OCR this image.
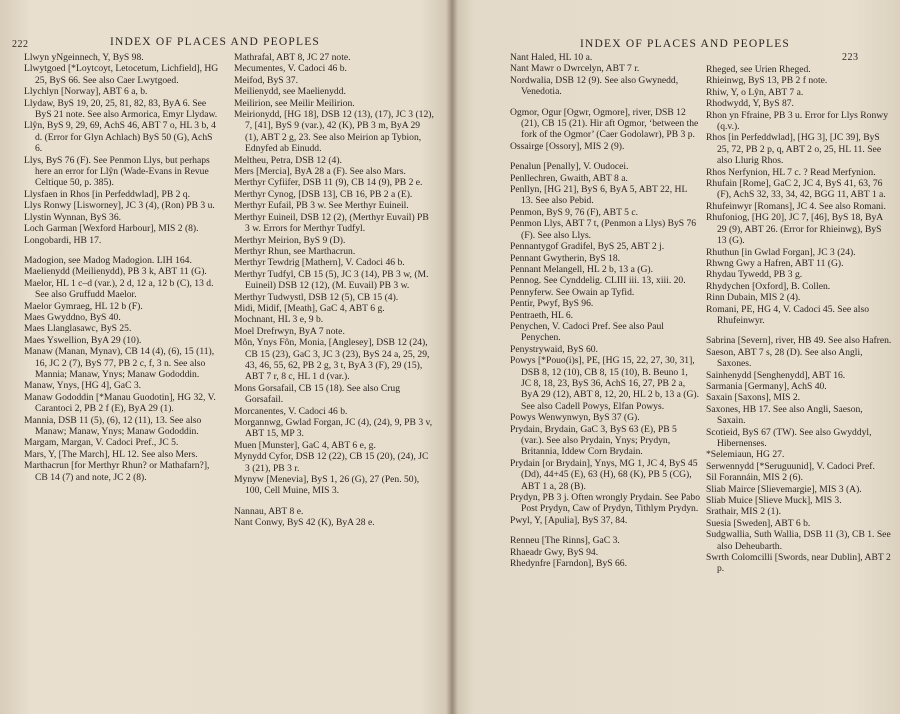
222	INDEX OF PLACES AND PEOPLES

Llwyn yNgeinnech, Y, ByS 98.

Llwytgoed [*Loytcoyt, Letocetum, Lichfield], HG 25, ByS 66. See also Caer Lwytgoed.

Llychlyn [Norway], ABT 6 a, b.

Llydaw, ByS 19, 20, 25, 81, 82, 83, ByA 6. See ByS 21 note. See also Armorica, Emyr Llydaw.

Llŷn, ByS 9, 29, 69, AchS 46, ABT 7 o, HL 3 b, 4 d. (Error for Glyn Achlach) ByS 50 (G), AchS 6.

Llys, ByS 76 (F). See Penmon Llys, but perhaps here an error for Llŷn (Wade-Evans in Revue Celtique 50, p. 385).

Llysfaen in Rhos [in Perfeddwlad], PB 2 q.

Llys Ronwy [Lisworney], JC 3 (4), (Ron) PB 3 u.

Llystin Wynnan, ByS 36.

Loch Garman [Wexford Harbour], MIS 2 (8).

Longobardi, HB 17.

Madogion, see Madog Madogion. LIH 164.

Maelienydd (Meilienydd), PB 3 k, ABT 11 (G).

Maelor, HL 1 c–d (var.), 2 d, 12 a, 12 b (C), 13 d. See also Gruffudd Maelor.

Maelor Gymraeg, HL 12 b (F).

Maes Gwyddno, ByS 40.

Maes Llanglasawc, ByS 25.

Maes Yswellion, ByA 29 (10).

Manaw (Manan, Mynav), CB 14 (4), (6), 15 (11), 16, JC 2 (7), ByS 77, PB 2 c, f, 3 n. See also Mannia; Manaw, Ynys; Manaw Gododdin.

Manaw, Ynys, [HG 4], GaC 3.

Manaw Gododdin [*Manau Guodotin], HG 32, V. Carantoci 2, PB 2 f (E), ByA 29 (1).

Mannia, DSB 11 (5), (6), 12 (11), 13. See also Manaw; Manaw, Ynys; Manaw Gododdin.

Margam, Margan, V. Cadoci Pref., JC 5.

Mars, Y, [The March], HL 12. See also Mers.

Marthacrun [for Merthyr Rhun? or Mathafarn?], CB 14 (7) and note, JC 2 (8).

Mathrafal, ABT 8, JC 27 note.

Mecumentes, V. Cadoci 46 b.

Meifod, ByS 37.

Meilienydd, see Maelienydd.

Meilirion, see Meilir Meilirion.

Meirionydd, [HG 18], DSB 12 (13), (17), JC 3 (12), 7, [41], ByS 9 (var.), 42 (K), PB 3 m, ByA 29 (1), ABT 2 g, 23. See also Meirion ap Tybion, Ednyfed ab Einudd.

Meltheu, Petra, DSB 12 (4).

Mers [Mercia], ByA 28 a (F). See also Mars.

Merthyr Cyfiifer, DSB 11 (9), CB 14 (9), PB 2 e.

Merthyr Cynog, [DSB 13], CB 16, PB 2 a (E).

Merthyr Eufail, PB 3 w. See Merthyr Euineil.

Merthyr Euineil, DSB 12 (2), (Merthyr Euvail) PB 3 w. Errors for Merthyr Tudfyl.

Merthyr Meirion, ByS 9 (D).

Merthyr Rhun, see Marthacrun.

Merthyr Tewdrig [Mathern], V. Cadoci 46 b.

Merthyr Tudfyl, CB 15 (5), JC 3 (14), PB 3 w, (M. Euineil) DSB 12 (12), (M. Euvail) PB 3 w.

Merthyr Tudwystl, DSB 12 (5), CB 15 (4).

Midi, Midif, [Meath], GaC 4, ABT 6 g.

Mochnant, HL 3 e, 9 b.

Moel Drefrwyn, ByA 7 note.

Môn, Ynys Fôn, Monia, [Anglesey], DSB 12 (24), CB 15 (23), GaC 3, JC 3 (23), ByS 24 a, 25, 29, 43, 46, 55, 62, PB 2 g, 3 t, ByA 3 (F), 29 (15), ABT 7 r, 8 c, HL 1 d (var.).

Mons Gorsafail, CB 15 (18). See also Crug Gorsafail.

Morcanentes, V. Cadoci 46 b.

Morgannwg, Gwlad Forgan, JC (4), (24), 9, PB 3 v, ABT 15, MP 3.

Muen [Munster], GaC 4, ABT 6 e, g.

Mynydd Cyfor, DSB 12 (22), CB 15 (20), (24), JC 3 (21), PB 3 r.

Mynyw [Menevia], ByS 1, 26 (G), 27 (Pen. 50), 100, Cell Muine, MIS 3.

Nannau, ABT 8 e.

Nant Conwy, ByS 42 (K), ByA 28 e.

INDEX OF PLACES AND PEOPLES
223

Nant Haled, HL 10 a.

Nant Mawr o Dwrcelyn, ABT 7 r.

Nordwalia, DSB 12 (9). See also Gwynedd, Venedotia.

Ogmor, Ogur [Ogwr, Ogmore], river, DSB 12 (21), CB 15 (21). Hir aft Ogmor, ‘between the fork of the Ogmor’ (Caer Godolawr), PB 3 p.

Ossairge [Ossory], MIS 2 (9).

Penalun [Penally], V. Oudocei.

Penllechren, Gwaith, ABT 8 a.

Penllyn, [HG 21], ByS 6, ByA 5, ABT 22, HL 13. See also Pebid.

Penmon, ByS 9, 76 (F), ABT 5 c.

Penmon Llys, ABT 7 t, (Penmon a Llys) ByS 76 (F). See also Llys.

Pennantygof Gradifel, ByS 25, ABT 2 j.

Pennant Gwytherin, ByS 18.

Pennant Melangell, HL 2 b, 13 a (G).

Pennog. See Cynddelig. CLIII iii. 13, xiii. 20.

Pennyferw. See Owain ap Tyfid.

Pentir, Pwyf, ByS 96.

Pentraeth, HL 6.

Penychen, V. Cadoci Pref. See also Paul Penychen.

Penystrywaid, ByS 60.

Powys [*Pouo(i)s], PE, [HG 15, 22, 27, 30, 31], DSB 8, 12 (10), CB 8, 15 (10), B. Beuno 1, JC 8, 18, 23, ByS 36, AchS 16, 27, PB 2 a, ByA 29 (12), ABT 8, 12, 20, HL 2 b, 13 a (G). See also Cadell Powys, Elfan Powys.

Powys Wenwynwyn, ByS 37 (G).

Prydain, Brydain, GaC 3, ByS 63 (E), PB 5 (var.). See also Prydain, Ynys; Prydyn, Britannia, Iddew Corn Brydain.

Prydain [or Brydain], Ynys, MG 1, JC 4, ByS 45 (Dd), 44+45 (E), 63 (H), 68 (K), PB 5 (CG), ABT 1 a, 28 (B).

Prydyn, PB 3 j. Often wrongly Prydain. See Pabo Post Prydyn, Caw of Prydyn, Tithlym Prydyn.

Pwyl, Y, [Apulia], ByS 37, 84.

Renneu [The Rinns], GaC 3.

Rhaeadr Gwy, ByS 94.

Rhedynfre [Farndon], ByS 66.

Rheged, see Urien Rheged.

Rhieinwg, ByS 13, PB 2 f note.

Rhiw, Y, o Lŷn, ABT 7 a.

Rhodwydd, Y, ByS 87.

Rhon yn Ffraine, PB 3 u. Error for Llys Ronwy (q.v.).

Rhos [in Perfeddwlad], [HG 3], [JC 39], ByS 25, 72, PB 2 p, q, ABT 2 o, 25, HL 11. See also Llurig Rhos.

Rhos Nerfynion, HL 7 c. ? Read Merfynion.

Rhufain [Rome], GaC 2, JC 4, ByS 41, 63, 76 (F), AchS 32, 33, 34, 42, BGG 11, ABT 1 a.

Rhufeinwyr [Romans], JC 4. See also Romani.

Rhufoniog, [HG 20], JC 7, [46], ByS 18, ByA 29 (9), ABT 26. (Error for Rhieinwg), ByS 13 (G).

Rhuthun [in Gwlad Forgan], JC 3 (24).

Rhwng Gwy a Hafren, ABT 11 (G).

Rhydau Tywedd, PB 3 g.

Rhydychen [Oxford], B. Collen.

Rinn Dubain, MIS 2 (4).

Romani, PE, HG 4, V. Cadoci 45. See also Rhufeinwyr.

Sabrina [Severn], river, HB 49. See also Hafren.

Saeson, ABT 7 s, 28 (D). See also Angli, Saxones.

Sainhenydd [Senghenydd], ABT 16.

Sarmania [Germany], AchS 40.

Saxain [Saxons], MIS 2.

Saxones, HB 17. See also Angli, Saeson, Saxain.

Scotieid, ByS 67 (TW). See also Gwyddyl, Hibernenses.

*Selemiaun, HG 27.

Serwennydd [*Seruguunid], V. Cadoci Pref.

Sil Forannáin, MIS 2 (6).

Sliab Mairce [Slievemargie], MIS 3 (A).

Sliab Muice [Slieve Muck], MIS 3.

Srathair, MIS 2 (1).

Suesia [Sweden], ABT 6 b.

Sudgwallia, Suth Wallia, DSB 11 (3), CB 1. See also Deheubarth.

Swrth Colomcilli [Swords, near Dublin], ABT 2 p.
